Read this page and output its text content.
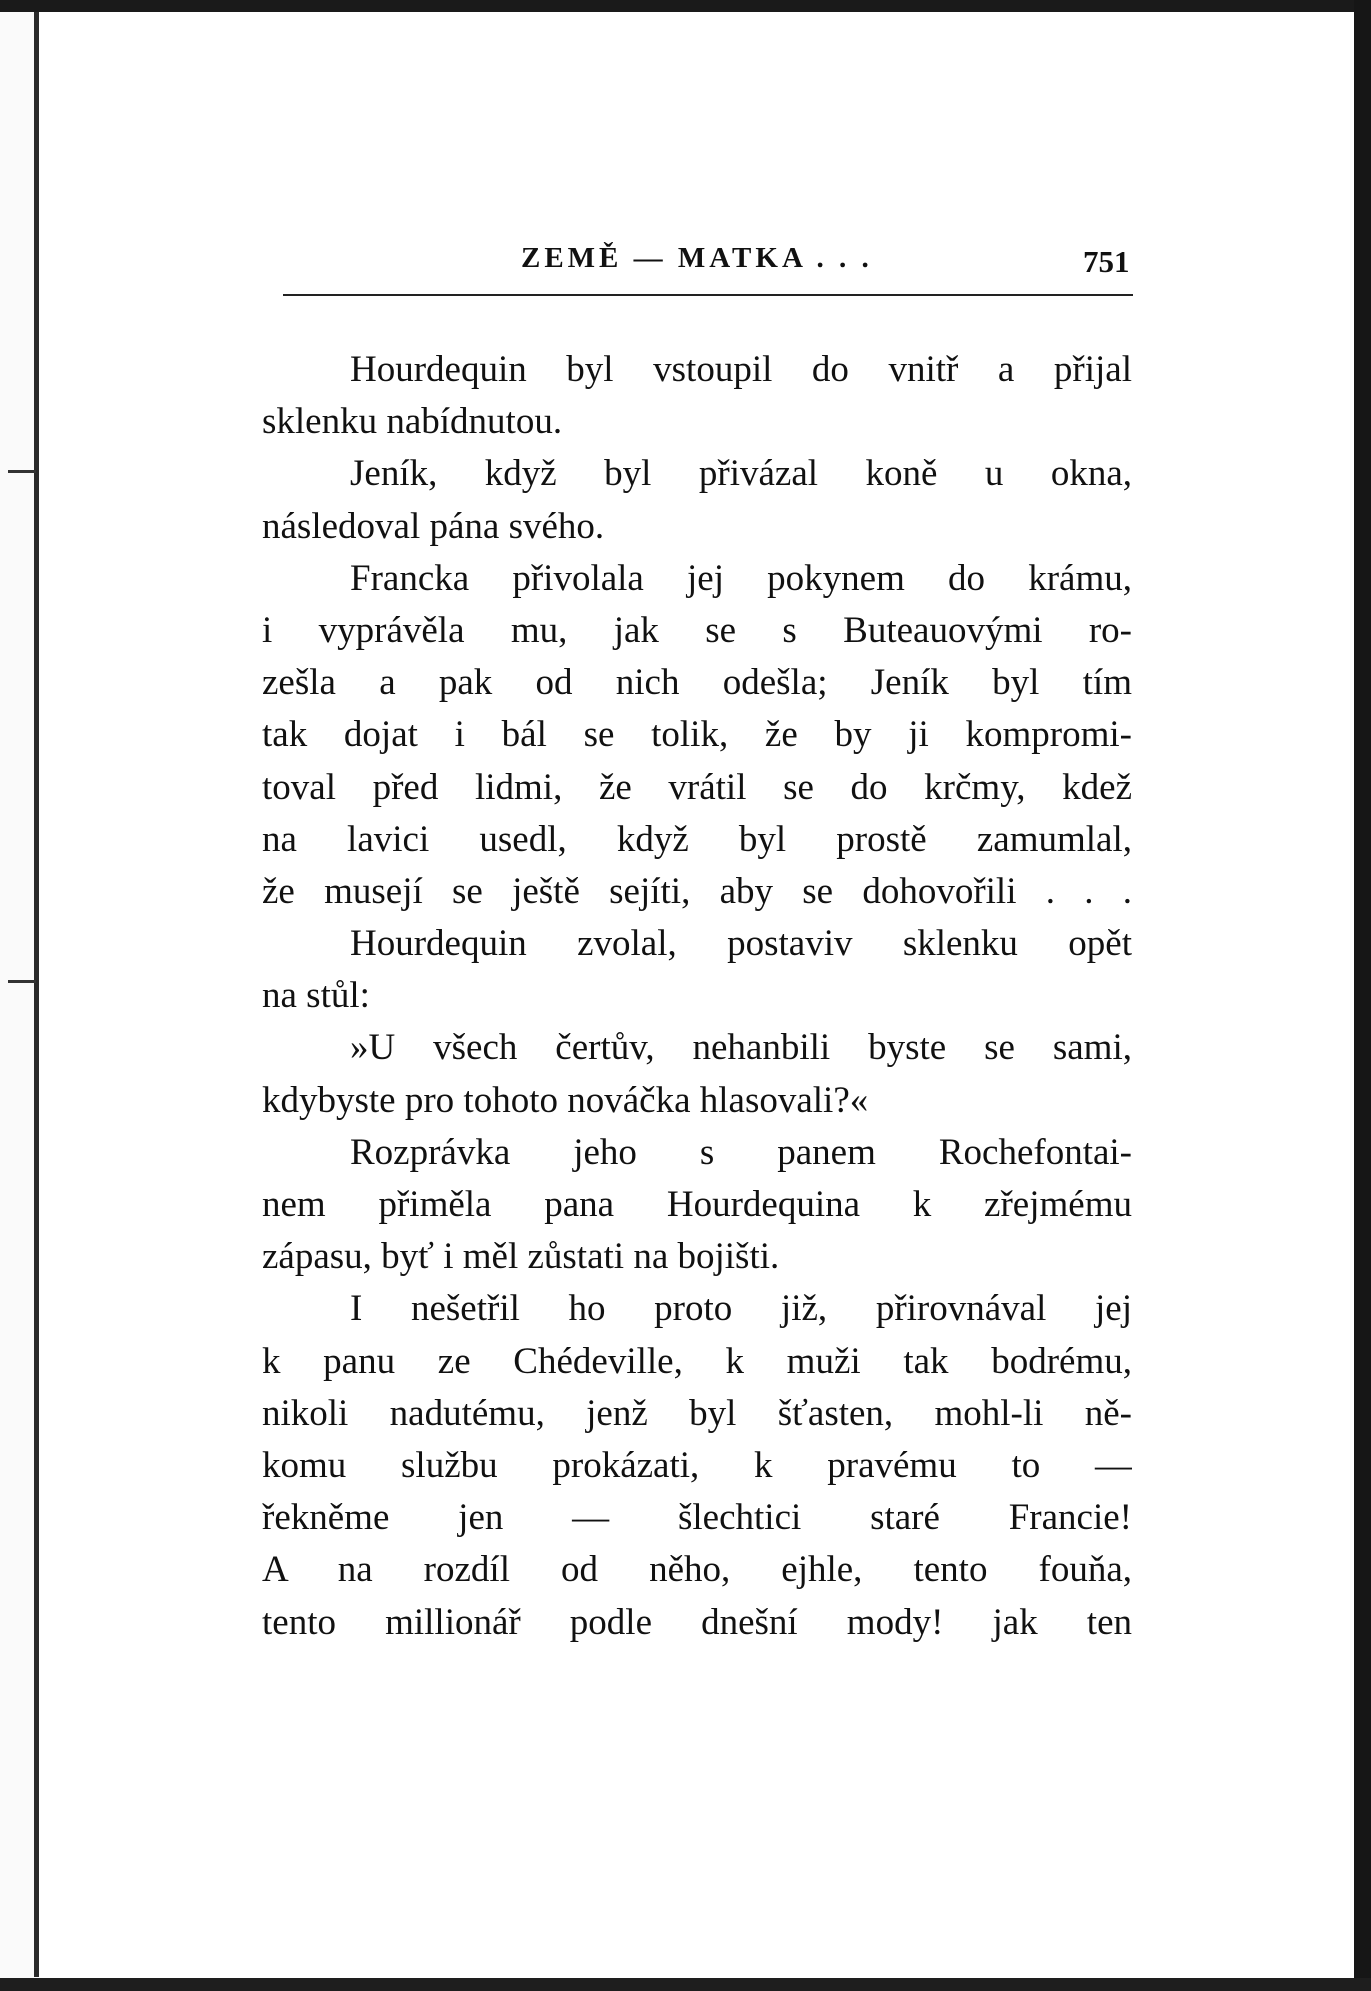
ZEMĚ — MATKA . . .	751
Hourdequin byl vstoupil do vnitř a přijal
sklenku nabídnutou.
Jeník, když byl přivázal koně u okna,
následoval pána svého.
Francka přivolala jej pokynem do krámu,
i vyprávěla mu, jak se s Buteauovými ro-
zešla a pak od nich odešla; Jeník byl tím
tak dojat i bál se tolik, že by ji kompromi-
toval před lidmi, že vrátil se do krčmy, kdež
na lavici usedl, když byl prostě zamumlal,
že musejí se ještě sejíti, aby se dohovořili . . .
Hourdequin zvolal, postaviv sklenku opět
na stůl:
»U všech čertův, nehanbili byste se sami,
kdybyste pro tohoto nováčka hlasovali?«
Rozprávka jeho s panem Rochefontai-
nem přiměla pana Hourdequina k zřejmému
zápasu, byť i měl zůstati na bojišti.
I nešetřil ho proto již, přirovnával jej
k panu ze Chédeville, k muži tak bodrému,
nikoli nadutému, jenž byl šťasten, mohl-li ně-
komu službu prokázati, k pravému to —
řekněme jen — šlechtici staré Francie!
A na rozdíl od něho, ejhle, tento fouňa,
tento millionář podle dnešní mody! jak ten
